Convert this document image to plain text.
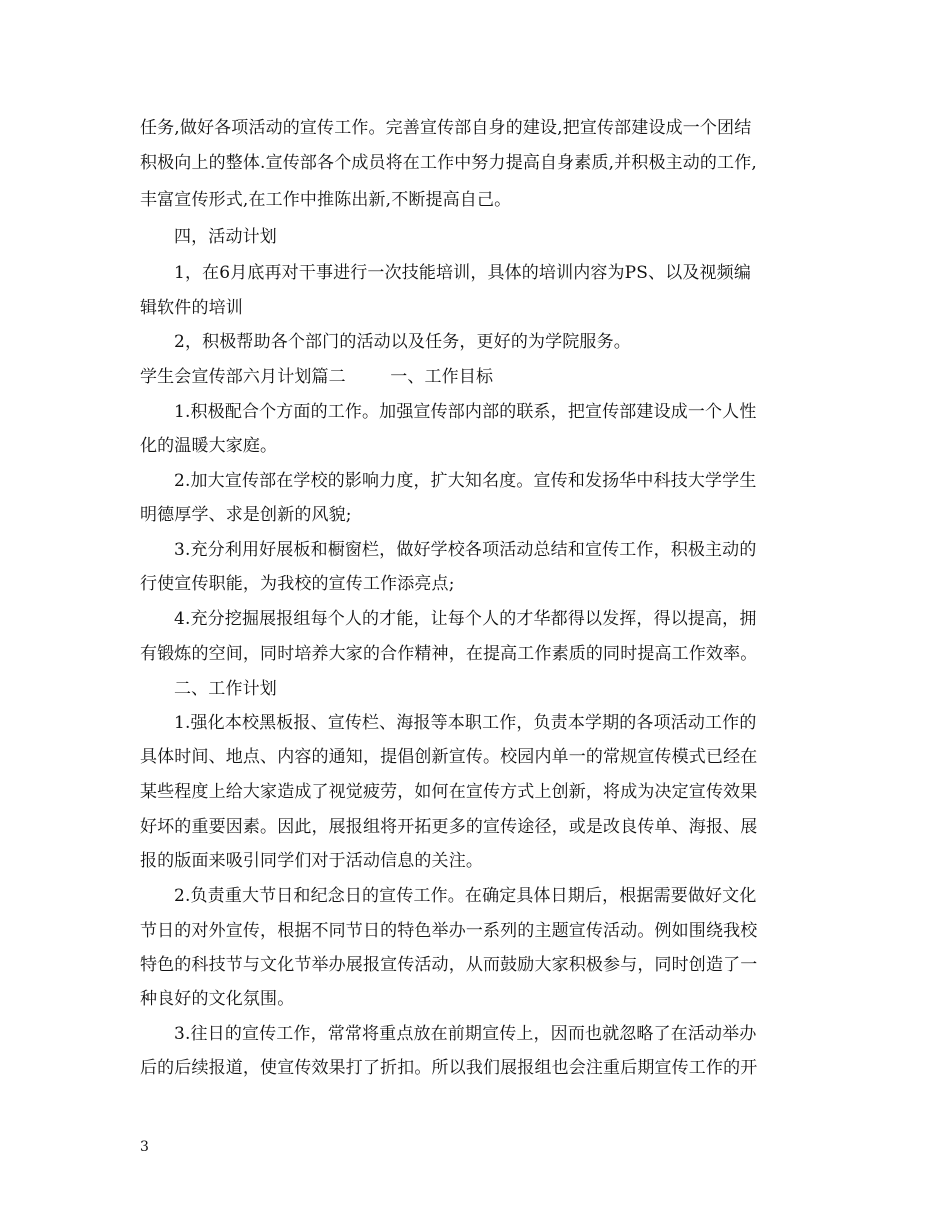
任务,做好各项活动的宣传工作。完善宣传部自身的建设,把宣传部建设成一个团结
积极向上的整体.宣传部各个成员将在工作中努力提高自身素质,并积极主动的工作,
丰富宣传形式,在工作中推陈出新,不断提高自己。
四，活动计划
1，在6月底再对干事进行一次技能培训，具体的培训内容为PS、以及视频编
辑软件的培训
2，积极帮助各个部门的活动以及任务，更好的为学院服务。
学生会宣传部六月计划篇二        一、工作目标
1.积极配合个方面的工作。加强宣传部内部的联系，把宣传部建设成一个人性
化的温暖大家庭。
2.加大宣传部在学校的影响力度，扩大知名度。宣传和发扬华中科技大学学生
明德厚学、求是创新的风貌;
3.充分利用好展板和橱窗栏，做好学校各项活动总结和宣传工作，积极主动的
行使宣传职能，为我校的宣传工作添亮点;
4.充分挖掘展报组每个人的才能，让每个人的才华都得以发挥，得以提高，拥
有锻炼的空间，同时培养大家的合作精神，在提高工作素质的同时提高工作效率。
二、工作计划
1.强化本校黑板报、宣传栏、海报等本职工作，负责本学期的各项活动工作的
具体时间、地点、内容的通知，提倡创新宣传。校园内单一的常规宣传模式已经在
某些程度上给大家造成了视觉疲劳，如何在宣传方式上创新，将成为决定宣传效果
好坏的重要因素。因此，展报组将开拓更多的宣传途径，或是改良传单、海报、展
报的版面来吸引同学们对于活动信息的关注。
2.负责重大节日和纪念日的宣传工作。在确定具体日期后，根据需要做好文化
节日的对外宣传，根据不同节日的特色举办一系列的主题宣传活动。例如围绕我校
特色的科技节与文化节举办展报宣传活动，从而鼓励大家积极参与，同时创造了一
种良好的文化氛围。
3.往日的宣传工作，常常将重点放在前期宣传上，因而也就忽略了在活动举办
后的后续报道，使宣传效果打了折扣。所以我们展报组也会注重后期宣传工作的开
3
